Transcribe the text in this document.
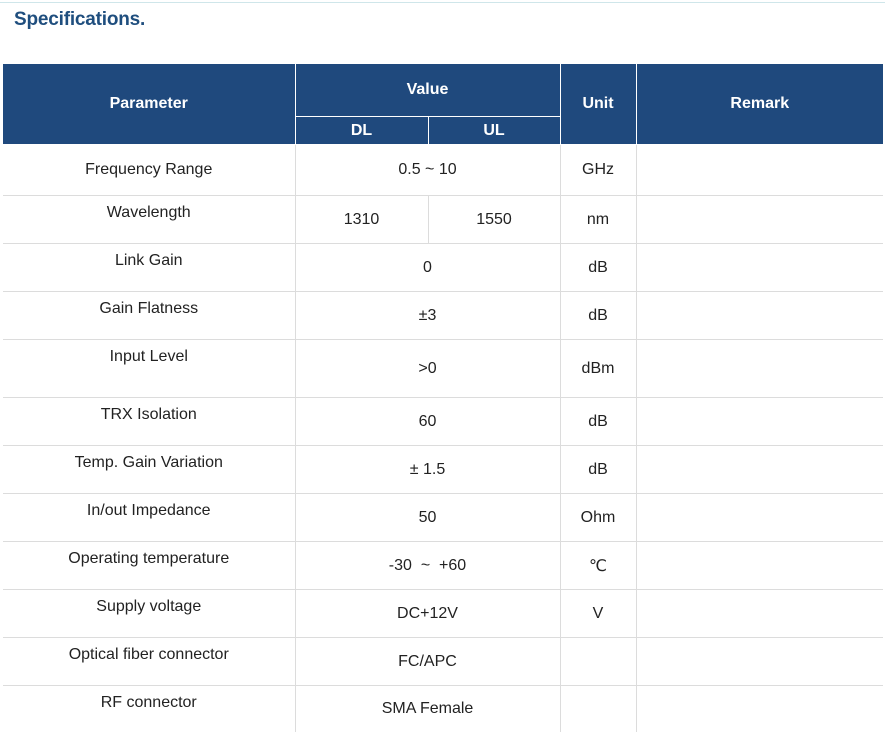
Specifications.
Parameter	Value		Unit	Remark
	DL	UL		
Frequency Range	0.5 ~ 10		GHz	
Wavelength	1310	1550	nm	
Link Gain	0		dB	
Gain Flatness	±3		dB	
Input Level	>0		dBm	
TRX Isolation	60		dB	
Temp. Gain Variation	± 1.5		dB	
In/out Impedance	50		Ohm	
Operating temperature	-30  ~  +60		℃	
Supply voltage	DC+12V		V	
Optical fiber connector	FC/APC			
RF connector	SMA Female			
